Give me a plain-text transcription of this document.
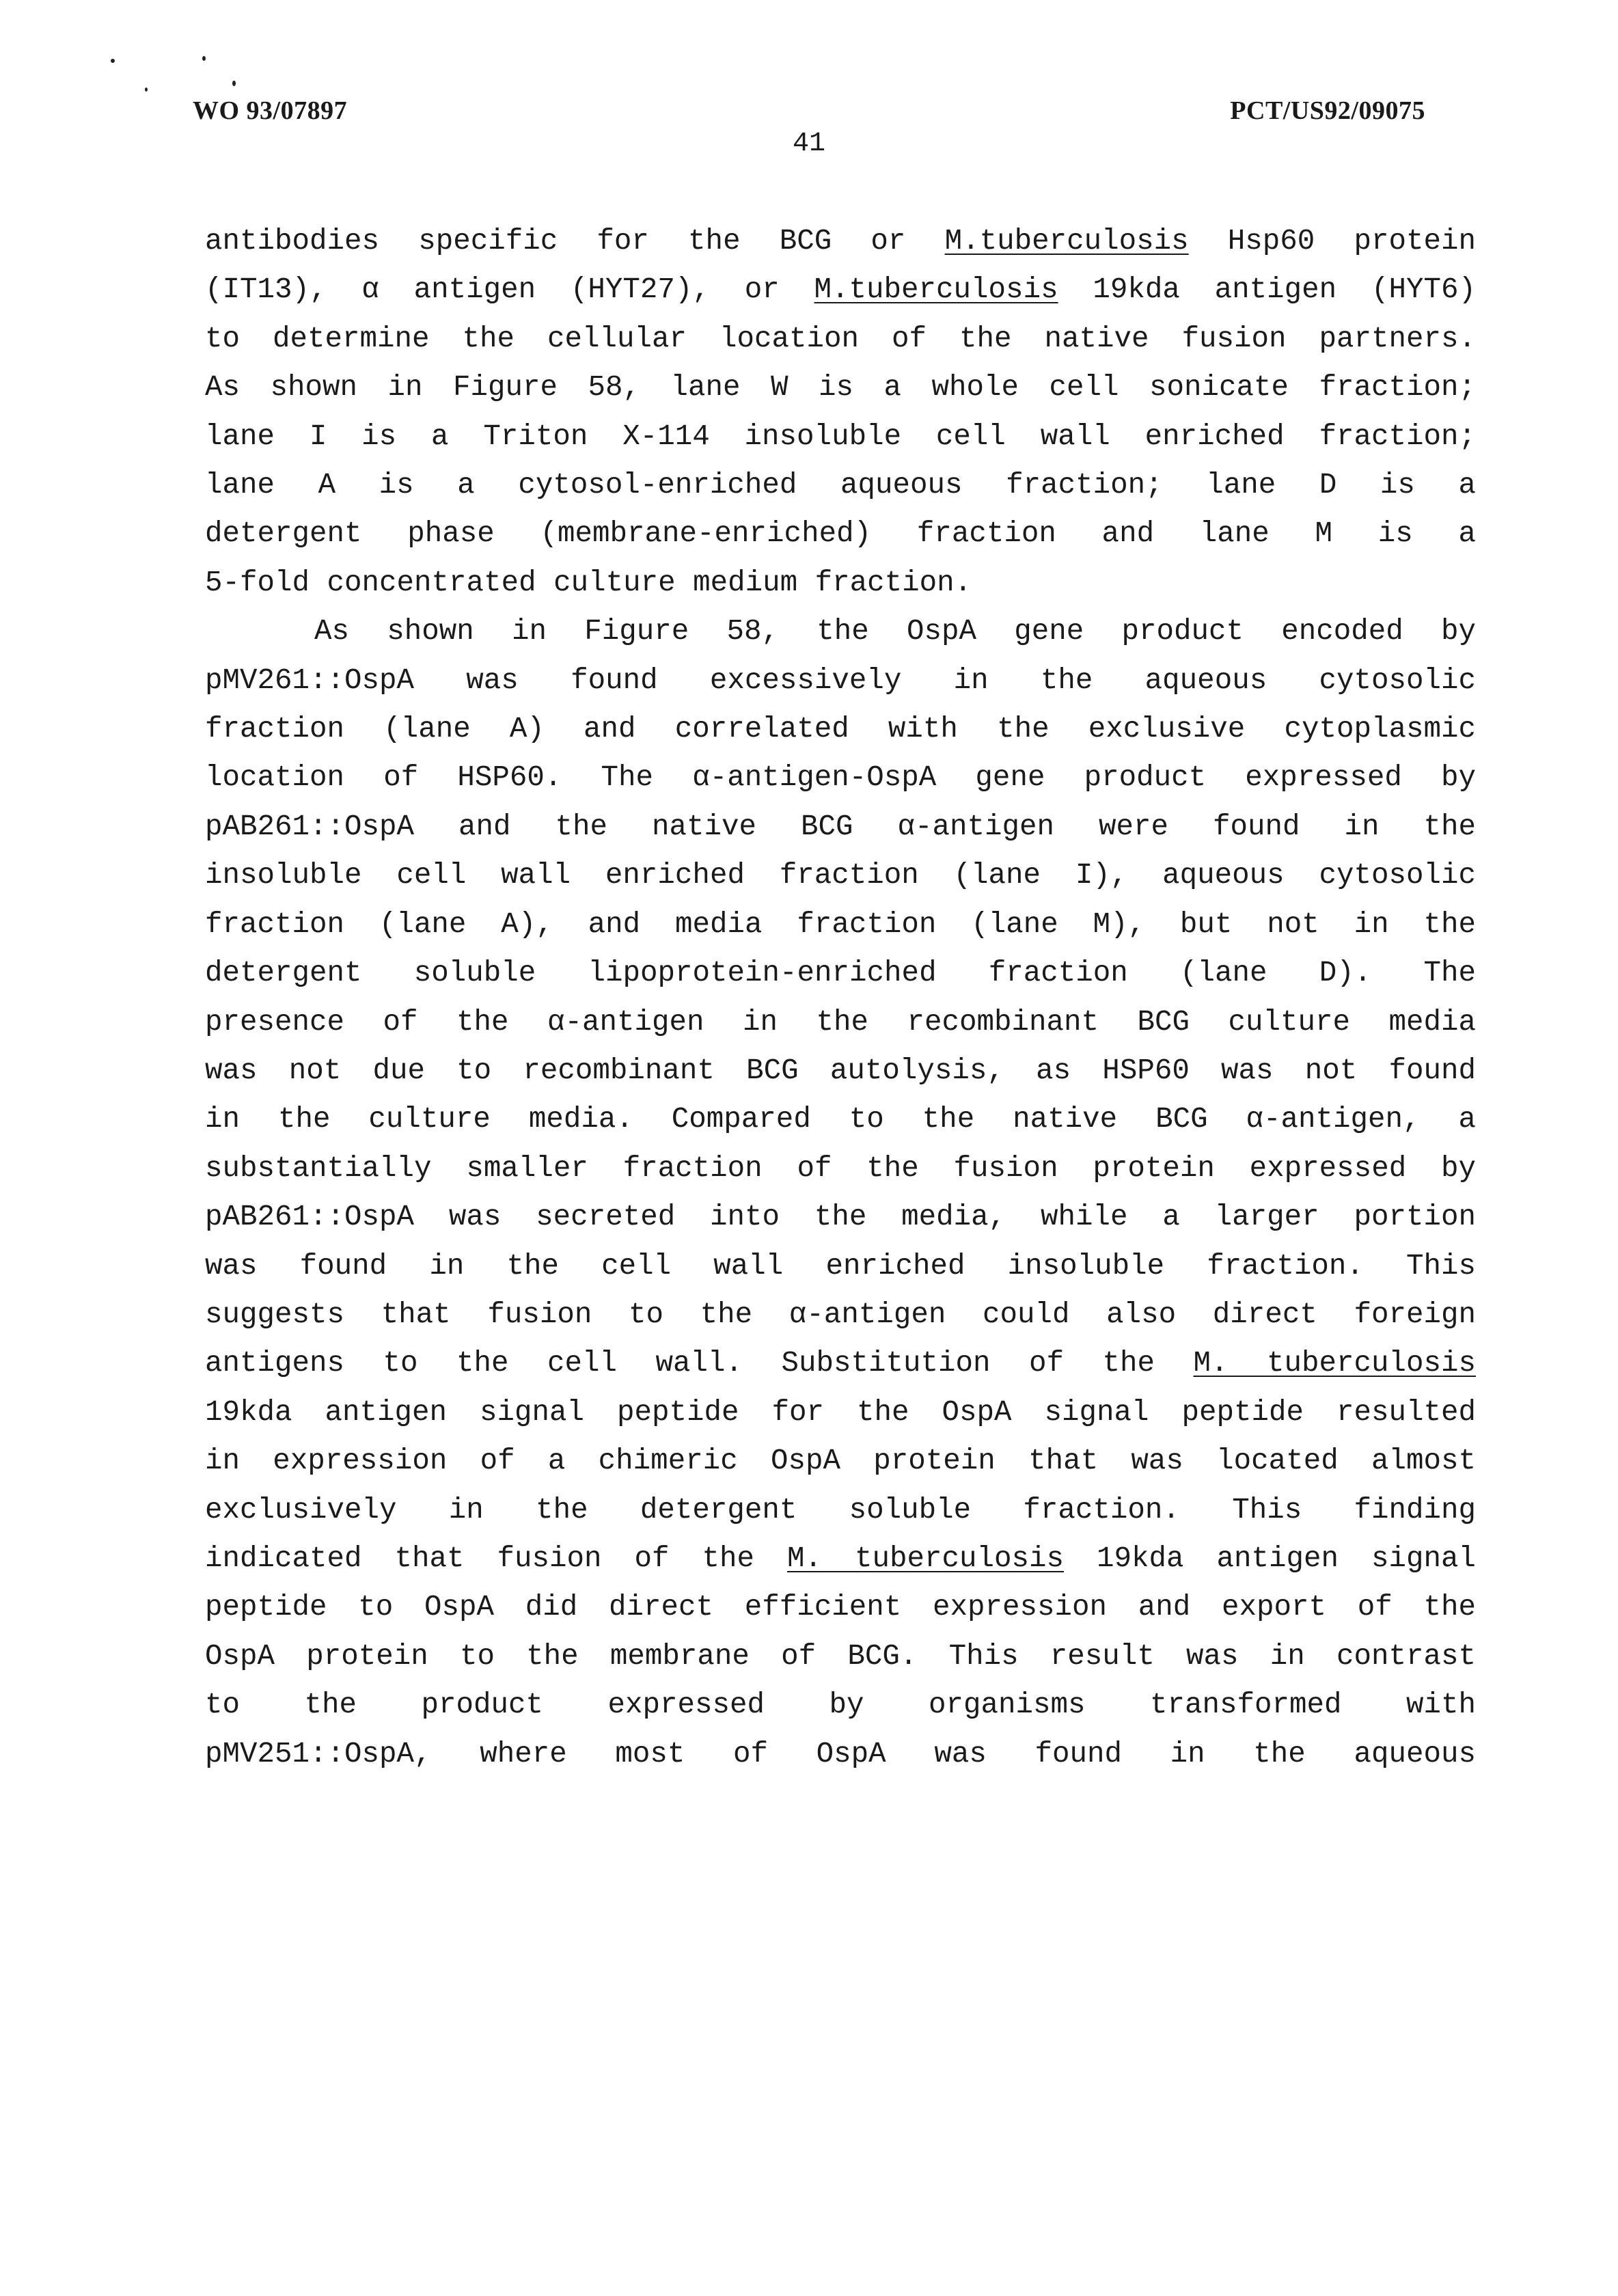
WO 93/07897	PCT/US92/09075
41
antibodies specific for the BCG or M.tuberculosis Hsp60 protein
(IT13), α antigen (HYT27), or M.tuberculosis 19kda antigen (HYT6)
to determine the cellular location of the native fusion partners.
As shown in Figure 58, lane W is a whole cell sonicate fraction;
lane I is a Triton X-114 insoluble cell wall enriched fraction;
lane A is a cytosol-enriched aqueous fraction; lane D is a
detergent phase (membrane-enriched) fraction and lane M is a
5-fold concentrated culture medium fraction.
As shown in Figure 58, the OspA gene product encoded by
pMV261::OspA was found excessively in the aqueous cytosolic
fraction (lane A) and correlated with the exclusive cytoplasmic
location of HSP60. The α-antigen-OspA gene product expressed by
pAB261::OspA and the native BCG α-antigen were found in the
insoluble cell wall enriched fraction (lane I), aqueous cytosolic
fraction (lane A), and media fraction (lane M), but not in the
detergent soluble lipoprotein-enriched fraction (lane D). The
presence of the α-antigen in the recombinant BCG culture media
was not due to recombinant BCG autolysis, as HSP60 was not found
in the culture media. Compared to the native BCG α-antigen, a
substantially smaller fraction of the fusion protein expressed by
pAB261::OspA was secreted into the media, while a larger portion
was found in the cell wall enriched insoluble fraction. This
suggests that fusion to the α-antigen could also direct foreign
antigens to the cell wall. Substitution of the M. tuberculosis
19kda antigen signal peptide for the OspA signal peptide resulted
in expression of a chimeric OspA protein that was located almost
exclusively in the detergent soluble fraction. This finding
indicated that fusion of the M. tuberculosis 19kda antigen signal
peptide to OspA did direct efficient expression and export of the
OspA protein to the membrane of BCG. This result was in contrast
to the product expressed by organisms transformed with
pMV251::OspA, where most of OspA was found in the aqueous
